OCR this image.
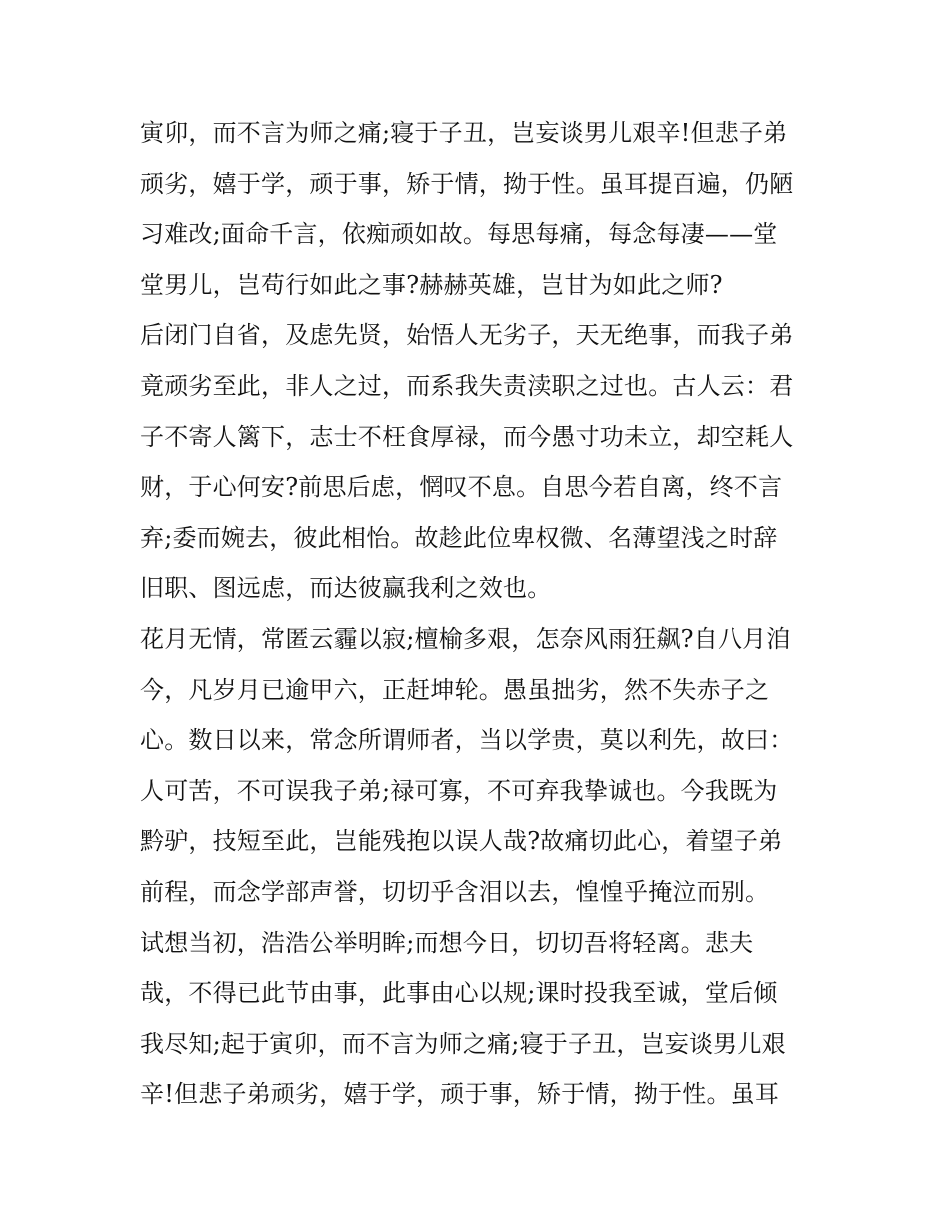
寅卯，而不言为师之痛;寝于子丑，岂妄谈男儿艰辛!但悲子弟
顽劣，嬉于学，顽于事，矫于情，拗于性。虽耳提百遍，仍陋
习难改;面命千言，依痴顽如故。每思每痛，每念每凄——堂
堂男儿，岂苟行如此之事?赫赫英雄，岂甘为如此之师?
后闭门自省，及虑先贤，始悟人无劣子，天无绝事，而我子弟
竟顽劣至此，非人之过，而系我失责渎职之过也。古人云：君
子不寄人篱下，志士不枉食厚禄，而今愚寸功未立，却空耗人
财，于心何安?前思后虑，惘叹不息。自思今若自离，终不言
弃;委而婉去，彼此相怡。故趁此位卑权微、名薄望浅之时辞
旧职、图远虑，而达彼赢我利之效也。
花月无情，常匿云霾以寂;檀榆多艰，怎奈风雨狂飙?自八月洎
今，凡岁月已逾甲六，正赶坤轮。愚虽拙劣，然不失赤子之
心。数日以来，常念所谓师者，当以学贵，莫以利先，故曰：
人可苦，不可误我子弟;禄可寡，不可弃我挚诚也。今我既为
黔驴，技短至此，岂能残抱以误人哉?故痛切此心，着望子弟
前程，而念学部声誉，切切乎含泪以去，惶惶乎掩泣而别。
试想当初，浩浩公举明眸;而想今日，切切吾将轻离。悲夫
哉，不得已此节由事，此事由心以规;课时投我至诚，堂后倾
我尽知;起于寅卯，而不言为师之痛;寝于子丑，岂妄谈男儿艰
辛!但悲子弟顽劣，嬉于学，顽于事，矫于情，拗于性。虽耳
